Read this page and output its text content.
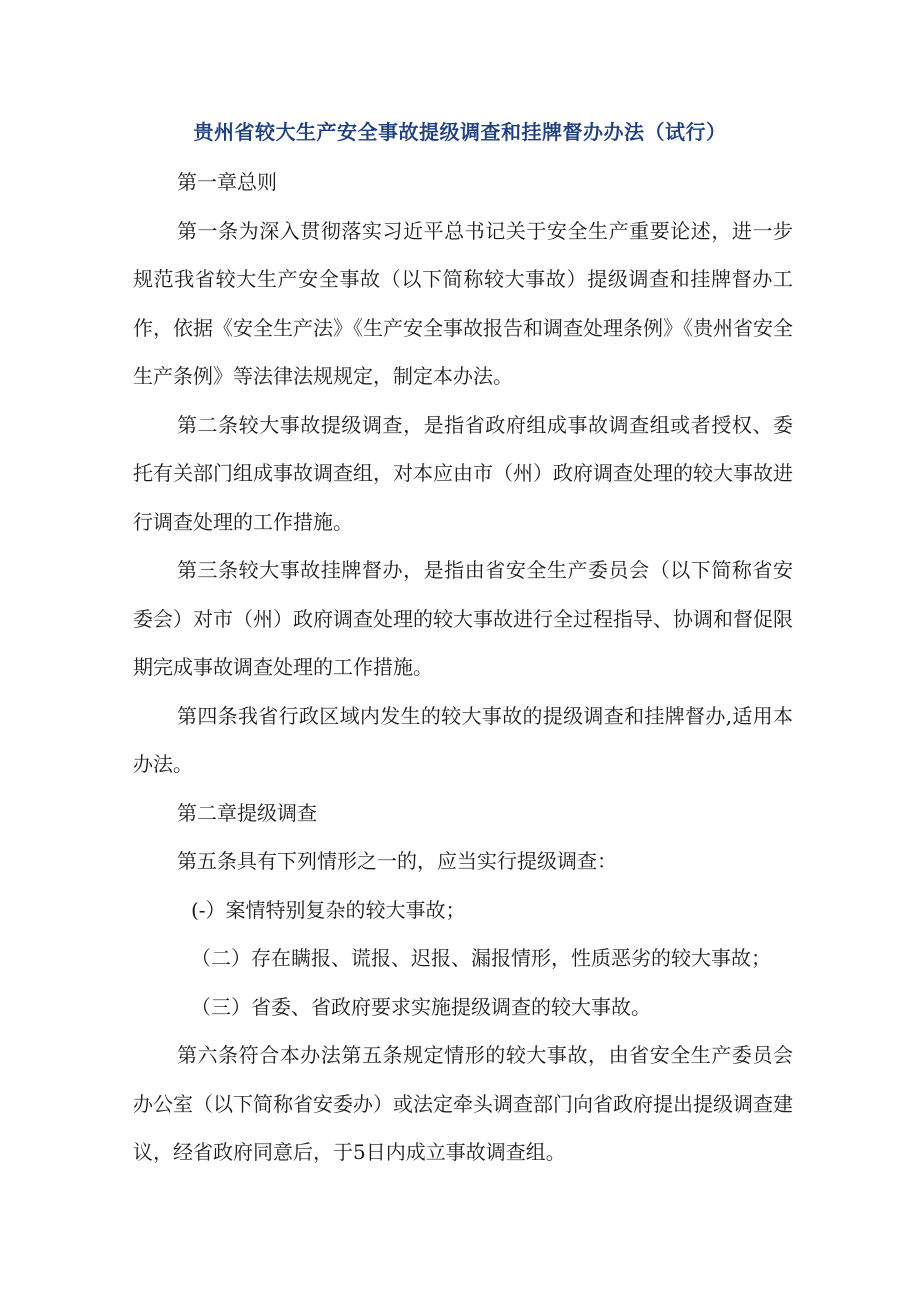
贵州省较大生产安全事故提级调查和挂牌督办办法（试行）

第一章总则

第一条为深入贯彻落实习近平总书记关于安全生产重要论述，进一步规范我省较大生产安全事故（以下简称较大事故）提级调查和挂牌督办工作，依据《安全生产法》《生产安全事故报告和调查处理条例》《贵州省安全生产条例》等法律法规规定，制定本办法。

第二条较大事故提级调查，是指省政府组成事故调查组或者授权、委托有关部门组成事故调查组，对本应由市（州）政府调查处理的较大事故进行调查处理的工作措施。

第三条较大事故挂牌督办，是指由省安全生产委员会（以下简称省安委会）对市（州）政府调查处理的较大事故进行全过程指导、协调和督促限期完成事故调查处理的工作措施。

第四条我省行政区域内发生的较大事故的提级调查和挂牌督办,适用本办法。

第二章提级调查

第五条具有下列情形之一的，应当实行提级调查：

(-）案情特别复杂的较大事故；

（二）存在瞒报、谎报、迟报、漏报情形，性质恶劣的较大事故；

（三）省委、省政府要求实施提级调查的较大事故。

第六条符合本办法第五条规定情形的较大事故，由省安全生产委员会办公室（以下简称省安委办）或法定牵头调查部门向省政府提出提级调查建议，经省政府同意后，于5日内成立事故调查组。
